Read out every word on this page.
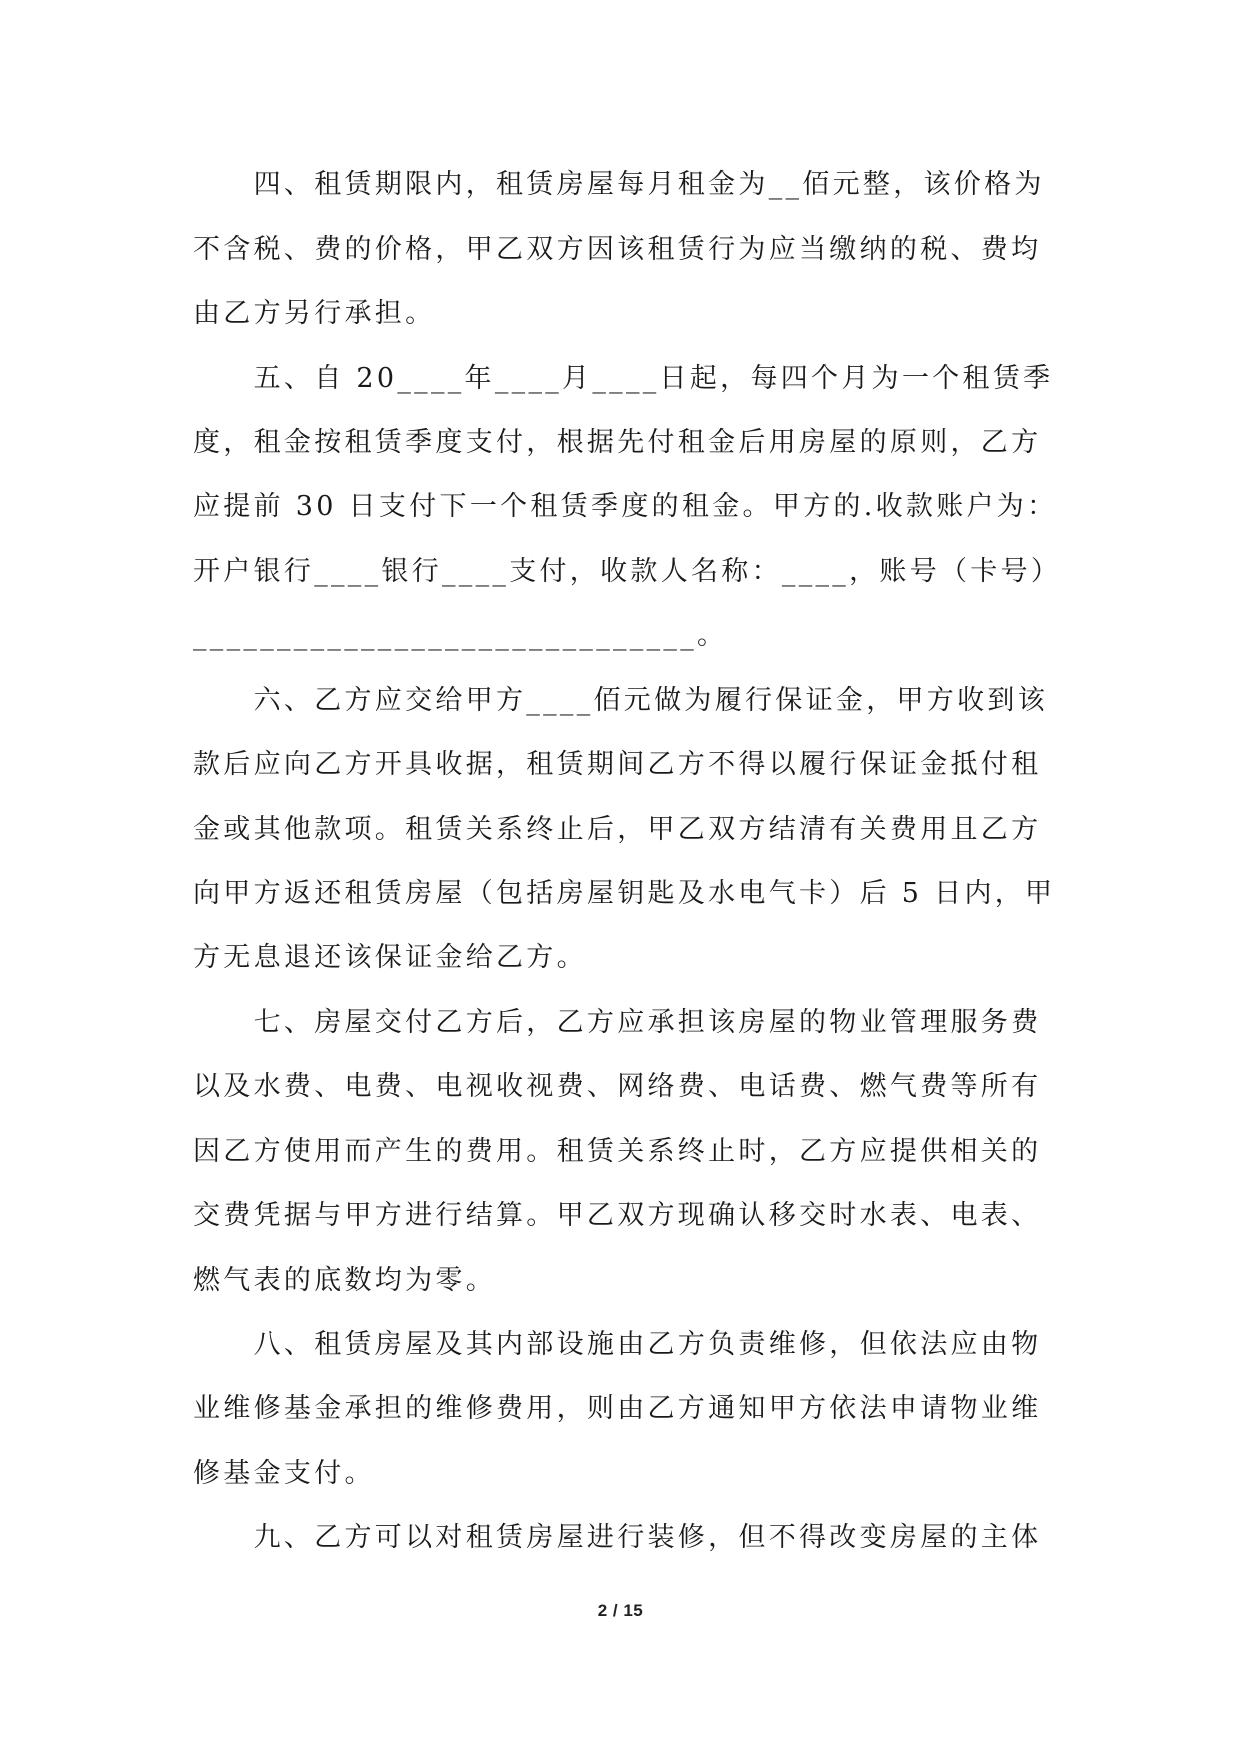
　　四、租赁期限内，租赁房屋每月租金为__佰元整，该价格为
不含税、费的价格，甲乙双方因该租赁行为应当缴纳的税、费均
由乙方另行承担。
　　五、自 20____年____月____日起，每四个月为一个租赁季
度，租金按租赁季度支付，根据先付租金后用房屋的原则，乙方
应提前 30 日支付下一个租赁季度的租金。甲方的.收款账户为：
开户银行____银行____支付，收款人名称：____，账号（卡号）
______________________________。
　　六、乙方应交给甲方____佰元做为履行保证金，甲方收到该
款后应向乙方开具收据，租赁期间乙方不得以履行保证金抵付租
金或其他款项。租赁关系终止后，甲乙双方结清有关费用且乙方
向甲方返还租赁房屋（包括房屋钥匙及水电气卡）后 5 日内，甲
方无息退还该保证金给乙方。
　　七、房屋交付乙方后，乙方应承担该房屋的物业管理服务费
以及水费、电费、电视收视费、网络费、电话费、燃气费等所有
因乙方使用而产生的费用。租赁关系终止时，乙方应提供相关的
交费凭据与甲方进行结算。甲乙双方现确认移交时水表、电表、
燃气表的底数均为零。
　　八、租赁房屋及其内部设施由乙方负责维修，但依法应由物
业维修基金承担的维修费用，则由乙方通知甲方依法申请物业维
修基金支付。
　　九、乙方可以对租赁房屋进行装修，但不得改变房屋的主体
2 / 15
